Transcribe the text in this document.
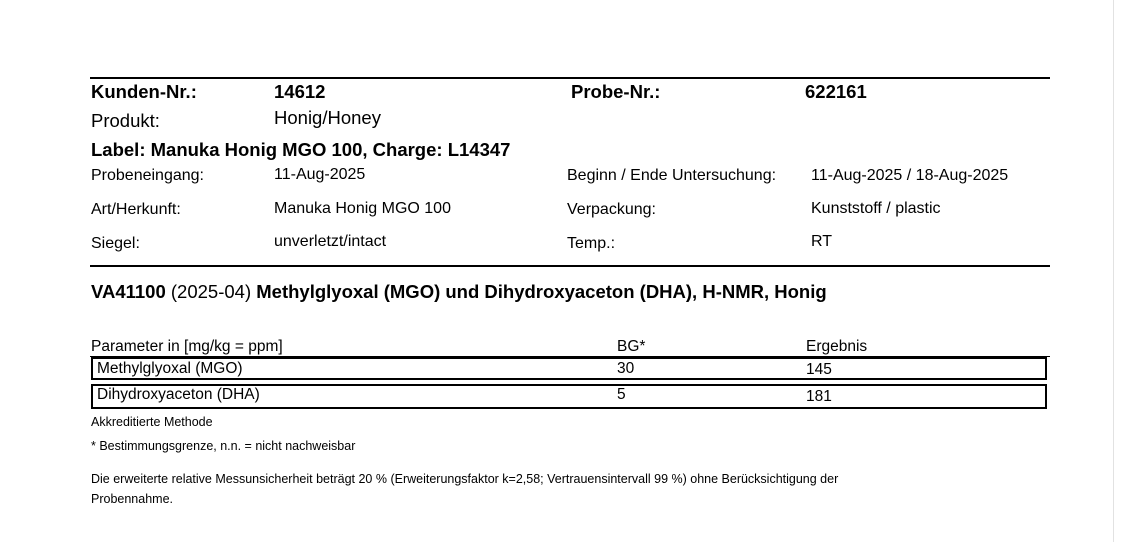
Kunden-Nr.:	14612	Probe-Nr.:	622161
Produkt:	Honig/Honey
Label: Manuka Honig MGO 100, Charge: L14347
Probeneingang:	11-Aug-2025	Beginn / Ende Untersuchung: 11-Aug-2025 / 18-Aug-2025
Art/Herkunft:	Manuka Honig MGO 100	Verpackung:	Kunststoff / plastic
Siegel:	unverletzt/intact	Temp.:	RT
VA41100 (2025-04) Methylglyoxal (MGO) und Dihydroxyaceton (DHA), H-NMR, Honig
Parameter in [mg/kg = ppm]	BG*	Ergebnis
Methylglyoxal (MGO)	30	145
Dihydroxyaceton (DHA)	5	181
Akkreditierte Methode
* Bestimmungsgrenze, n.n. = nicht nachweisbar
Die erweiterte relative Messunsicherheit beträgt 20 % (Erweiterungsfaktor k=2,58; Vertrauensintervall 99 %) ohne Berücksichtigung der
Probennahme.
